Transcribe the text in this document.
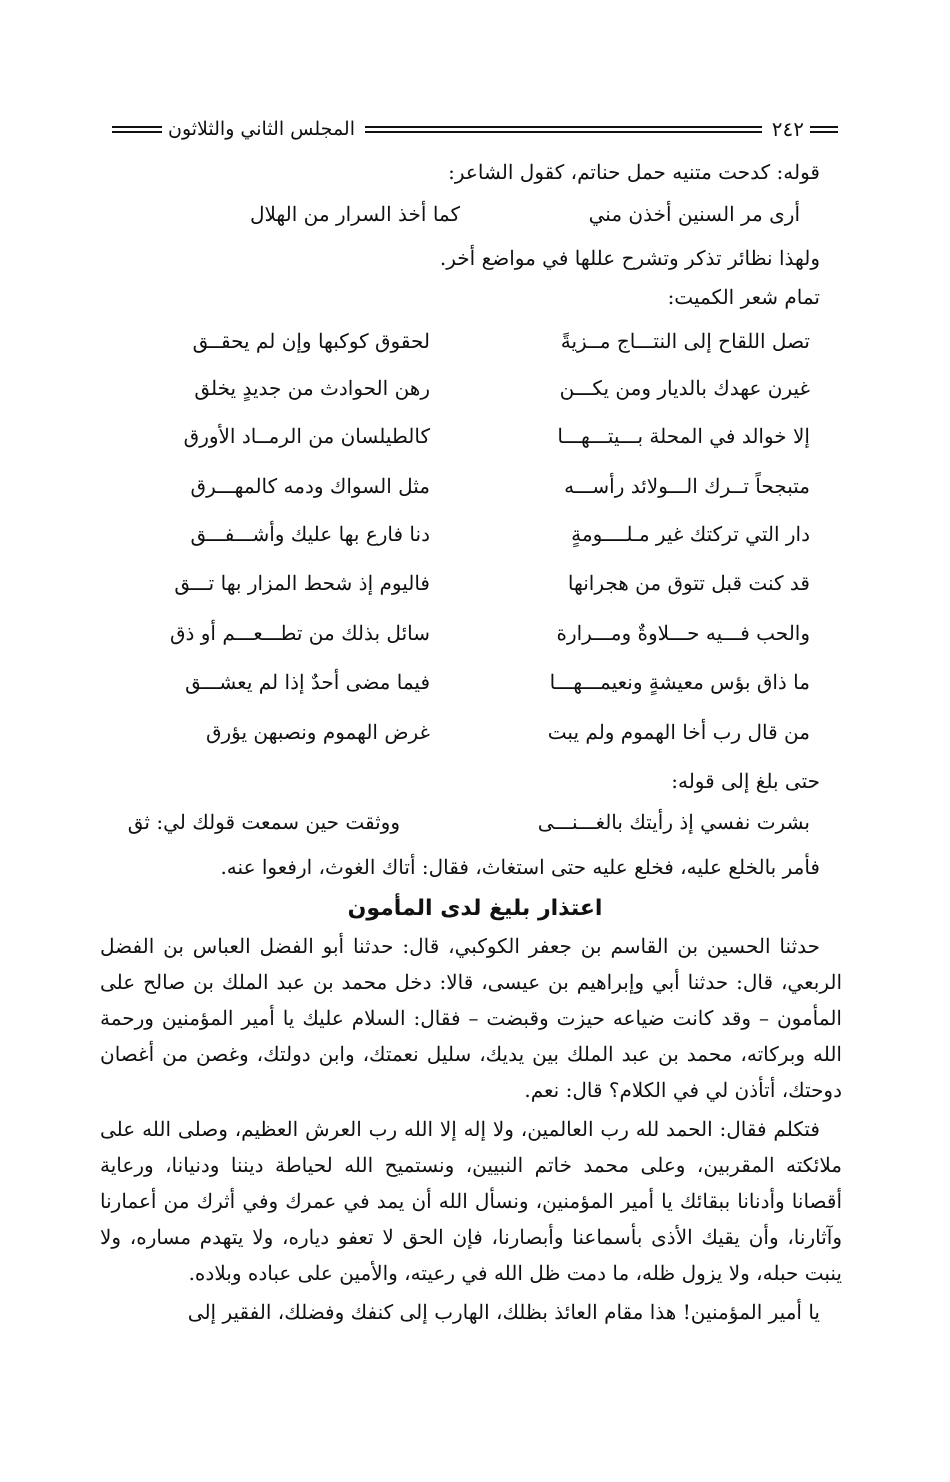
٢٤٢
المجلس الثاني والثلاثون
قوله: كدحت متنيه حمل حناتم، كقول الشاعر:
أرى مر السنين أخذن مني
كما أخذ السرار من الهلال
ولهذا نظائر تذكر وتشرح عللها في مواضع أخر.
تمام شعر الكميت:
تصل اللقاح إلى النتـــاج مــزيةً
لحقوق كوكبها وإن لم يحقــق
غيرن عهدك بالديار ومن يكـــن
رهن الحوادث من جديدٍ يخلق
إلا خوالد في المحلة بـــيتـــهـــا
كالطيلسان من الرمــاد الأورق
متبجحاً تــرك الـــولائد رأســـه
مثل السواك ودمه كالمهـــرق
دار التي تركتك غير مـلــــومةٍ
دنا فارع بها عليك وأشـــفـــق
قد كنت قبل تتوق من هجرانها
فاليوم إذ شحط المزار بها تـــق
والحب فـــيه حـــلاوةٌ ومـــرارة
سائل بذلك من تطـــعـــم أو ذق
ما ذاق بؤس معيشةٍ ونعيمـــهـــا
فيما مضى أحدٌ إذا لم يعشـــق
من قال رب أخا الهموم ولم يبت
غرض الهموم ونصبهن يؤرق
حتى بلغ إلى قوله:
بشرت نفسي إذ رأيتك بالغـــنـــى
ووثقت حين سمعت قولك لي: ثق
فأمر بالخلع عليه، فخلع عليه حتى استغاث، فقال: أتاك الغوث، ارفعوا عنه.
اعتذار بليغ لدى المأمون

حدثنا الحسين بن القاسم بن جعفر الكوكبي، قال: حدثنا أبو الفضل العباس بن الفضل الربعي، قال: حدثنا أبي وإبراهيم بن عيسى، قالا: دخل محمد بن عبد الملك بن صالح على المأمون – وقد كانت ضياعه حيزت وقبضت – فقال: السلام عليك يا أمير المؤمنين ورحمة الله وبركاته، محمد بن عبد الملك بين يديك، سليل نعمتك، وابن دولتك، وغصن من أغصان دوحتك، أتأذن لي في الكلام؟ قال: نعم.

فتكلم فقال: الحمد لله رب العالمين، ولا إله إلا الله رب العرش العظيم، وصلى الله على ملائكته المقربين، وعلى محمد خاتم النبيين، ونستميح الله لحياطة ديننا ودنيانا، ورعاية أقصانا وأدنانا ببقائك يا أمير المؤمنين، ونسأل الله أن يمد في عمرك وفي أثرك من أعمارنا وآثارنا، وأن يقيك الأذى بأسماعنا وأبصارنا، فإن الحق لا تعفو دياره، ولا يتهدم مساره، ولا ينبت حبله، ولا يزول ظله، ما دمت ظل الله في رعيته، والأمين على عباده وبلاده.

يا أمير المؤمنين! هذا مقام العائذ بظلك، الهارب إلى كنفك وفضلك، الفقير إلى
